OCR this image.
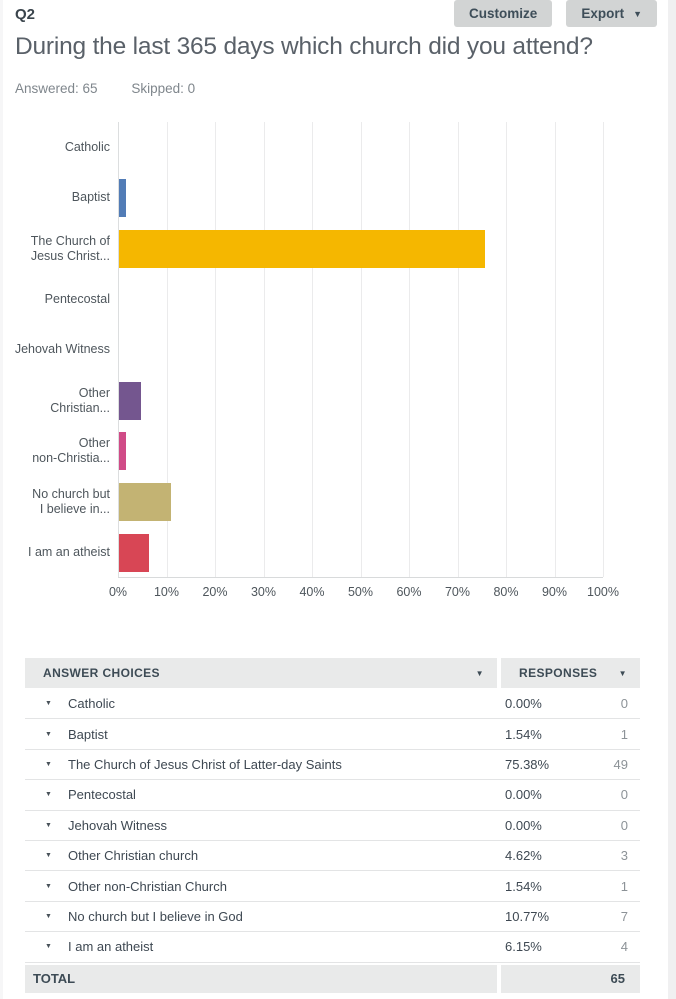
Q2	Customize	Export ▼
During the last 365 days which church did you attend?
Answered: 65	Skipped: 0
Catholic
Baptist
The Church of
Jesus Christ...
Pentecostal
Jehovah Witness
Other
Christian...
Other
non-Christia...
No church but
I believe in...
I am an atheist
0% 10% 20% 30% 40% 50% 60% 70% 80% 90% 100%
ANSWER CHOICES	▼	RESPONSES	▼
▼	Catholic	0.00%	0
▼	Baptist	1.54%	1
▼	The Church of Jesus Christ of Latter-day Saints	75.38%	49
▼	Pentecostal	0.00%	0
▼	Jehovah Witness	0.00%	0
▼	Other Christian church	4.62%	3
▼	Other non-Christian Church	1.54%	1
▼	No church but I believe in God	10.77%	7
▼	I am an atheist	6.15%	4
TOTAL	65
